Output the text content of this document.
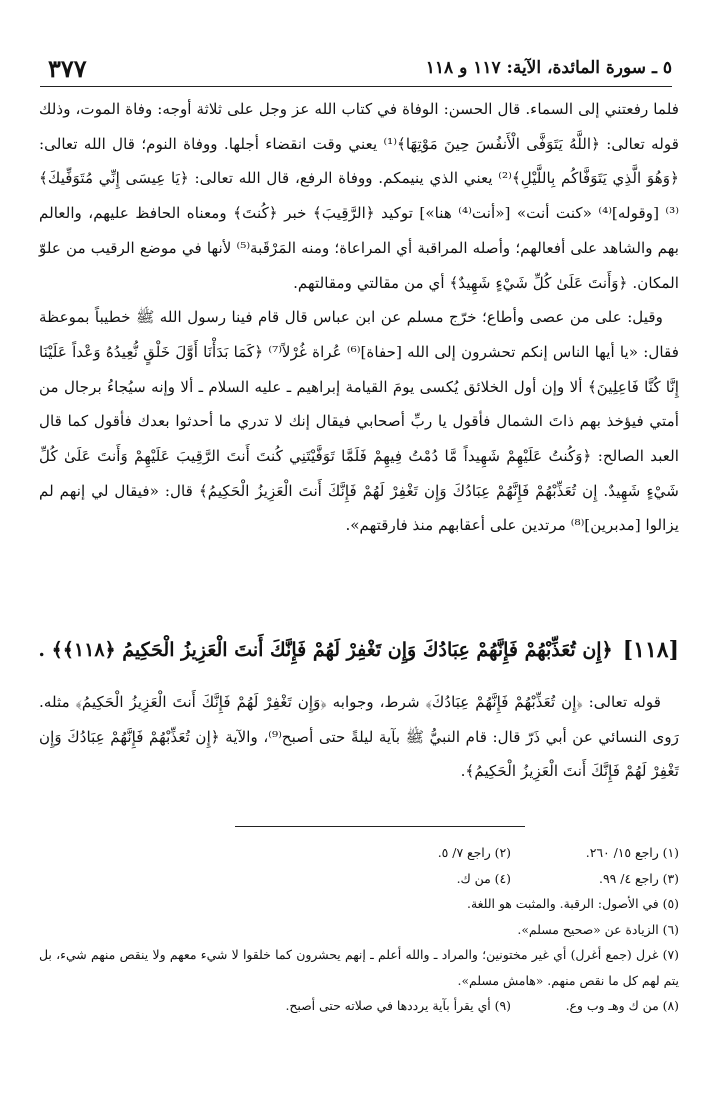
٥ ـ سورة المائدة، الآية: ١١٧ و ١١٨
٣٧٧

فلما رفعتني إلى السماء. قال الحسن: الوفاة في كتاب الله عز وجل على ثلاثة أوجه: وفاة الموت، وذلك قوله تعالى: ﴿اللَّهُ يَتَوَفَّى الْأَنفُسَ حِينَ مَوْتِهَا﴾⁽¹⁾ يعني وقت انقضاء أجلها. ووفاة النوم؛ قال الله تعالى: ﴿وَهُوَ الَّذِي يَتَوَفَّاكُم بِاللَّيْلِ﴾⁽²⁾ يعني الذي ينيمكم. ووفاة الرفع، قال الله تعالى: ﴿يَا عِيسَى إِنِّي مُتَوَفِّيكَ﴾⁽³⁾ [وقوله]⁽⁴⁾ «كنت أنت» [«أنت⁽⁴⁾ هنا»] توكيد ﴿الرَّقِيبَ﴾ خبر ﴿كُنتَ﴾ ومعناه الحافظ عليهم، والعالم بهم والشاهد على أفعالهم؛ وأصله المراقبة أي المراعاة؛ ومنه المَرْقَبة⁽⁵⁾ لأنها في موضع الرقيب من علوّ المكان. ﴿وَأَنتَ عَلَىٰ كُلِّ شَيْءٍ شَهِيدٌ﴾ أي من مقالتي ومقالتهم.

وقيل: على من عصى وأطاع؛ خرّج مسلم عن ابن عباس قال قام فينا رسول الله ﷺ خطيباً بموعظة فقال: «يا أيها الناس إنكم تحشرون إلى الله [حفاة]⁽⁶⁾ عُراة غُرْلاً⁽⁷⁾ ﴿كَمَا بَدَأْنَا أَوَّلَ خَلْقٍ نُّعِيدُهُ وَعْداً عَلَيْنَا إِنَّا كُنَّا فَاعِلِينَ﴾ ألا وإن أول الخلائق يُكسى يومَ القيامة إبراهيم ـ عليه السلام ـ ألا وإنه سيُجاءُ برجال من أمتي فيؤخذ بهم ذاتَ الشمال فأقول يا ربِّ أصحابي فيقال إنك لا تدري ما أحدثوا بعدك فأقول كما قال العبد الصالح: ﴿وَكُنتُ عَلَيْهِمْ شَهِيداً مَّا دُمْتُ فِيهِمْ فَلَمَّا تَوَفَّيْتَنِي كُنتَ أَنتَ الرَّقِيبَ عَلَيْهِمْ وَأَنتَ عَلَىٰ كُلِّ شَيْءٍ شَهِيدٌ. إِن تُعَذِّبْهُمْ فَإِنَّهُمْ عِبَادُكَ وَإِن تَغْفِرْ لَهُمْ فَإِنَّكَ أَنتَ الْعَزِيزُ الْحَكِيمُ﴾ قال: «فيقال لي إنهم لم يزالوا [مدبرين]⁽⁸⁾ مرتدين على أعقابهم منذ فارقتهم».

[١١٨]
﴿إِن تُعَذِّبْهُمْ فَإِنَّهُمْ عِبَادُكَ وَإِن تَغْفِرْ لَهُمْ فَإِنَّكَ أَنتَ الْعَزِيزُ الْحَكِيمُ ﴿١١٨﴾﴾ .

قوله تعالى: ﴿إِن تُعَذِّبْهُمْ فَإِنَّهُمْ عِبَادُكَ﴾ شرط، وجوابه ﴿وَإِن تَغْفِرْ لَهُمْ فَإِنَّكَ أَنتَ الْعَزِيزُ الْحَكِيمُ﴾ مثله. رَوى النسائي عن أبي ذَرّ قال: قام النبيُّ ﷺ بآية ليلةً حتى أصبح⁽⁹⁾، والآية ﴿إِن تُعَذِّبْهُمْ فَإِنَّهُمْ عِبَادُكَ وَإِن تَغْفِرْ لَهُمْ فَإِنَّكَ أَنتَ الْعَزِيزُ الْحَكِيمُ﴾.

(١) راجع ١٥/ ٢٦٠.
(٢) راجع ٧/ ٥.
(٣) راجع ٤/ ٩٩.
(٤) من ك.
(٥) في الأصول: الرقبة. والمثبت هو اللغة.
(٦) الزيادة عن «صحيح مسلم».
(٧) غرل (جمع أغرل) أي غير مختونين؛ والمراد ـ والله أعلم ـ إنهم يحشرون كما خلقوا لا شيء معهم ولا ينقص منهم شيء، بل يتم لهم كل ما نقص منهم. «هامش مسلم».
(٨) من ك وهـ وب وع.
(٩) أي يقرأ بآية يرددها في صلاته حتى أصبح.
